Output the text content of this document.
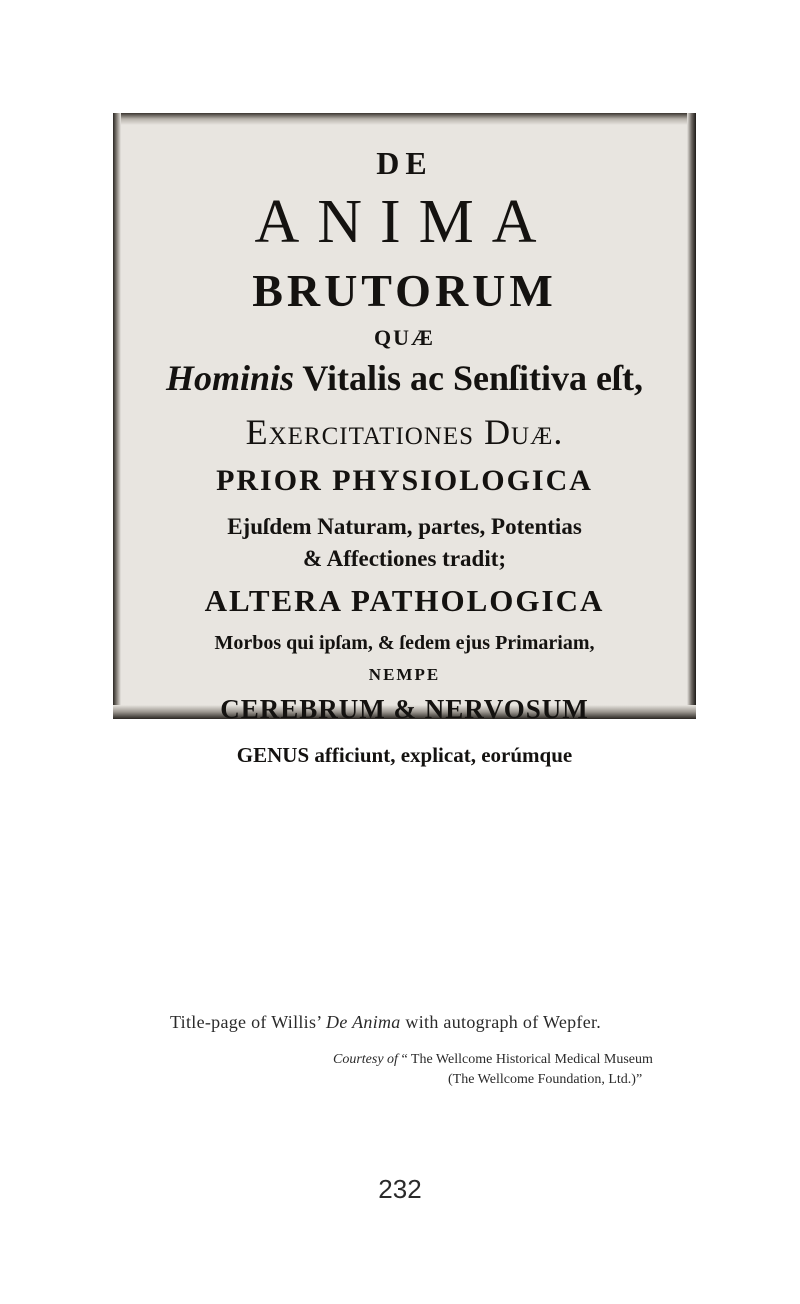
DE
ANIMA
BRUTORUM
QUÆ
Hominis Vitalis ac Senſitiva eſt,
Exercitationes Duæ.
PRIOR PHYSIOLOGICA
Ejuſdem Naturam, partes, Potentias
& Affectiones tradit;
ALTERA PATHOLOGICA
Morbos qui ipſam, & ſedem ejus Primariam,
NEMPE
CEREBRUM & NERVOSUM
GENUS afficiunt, explicat, eorúmque
Title-page of Willis’ De Anima with autograph of Wepfer.
Courtesy of “ The Wellcome Historical Medical Museum
(The Wellcome Foundation, Ltd.)”
232
